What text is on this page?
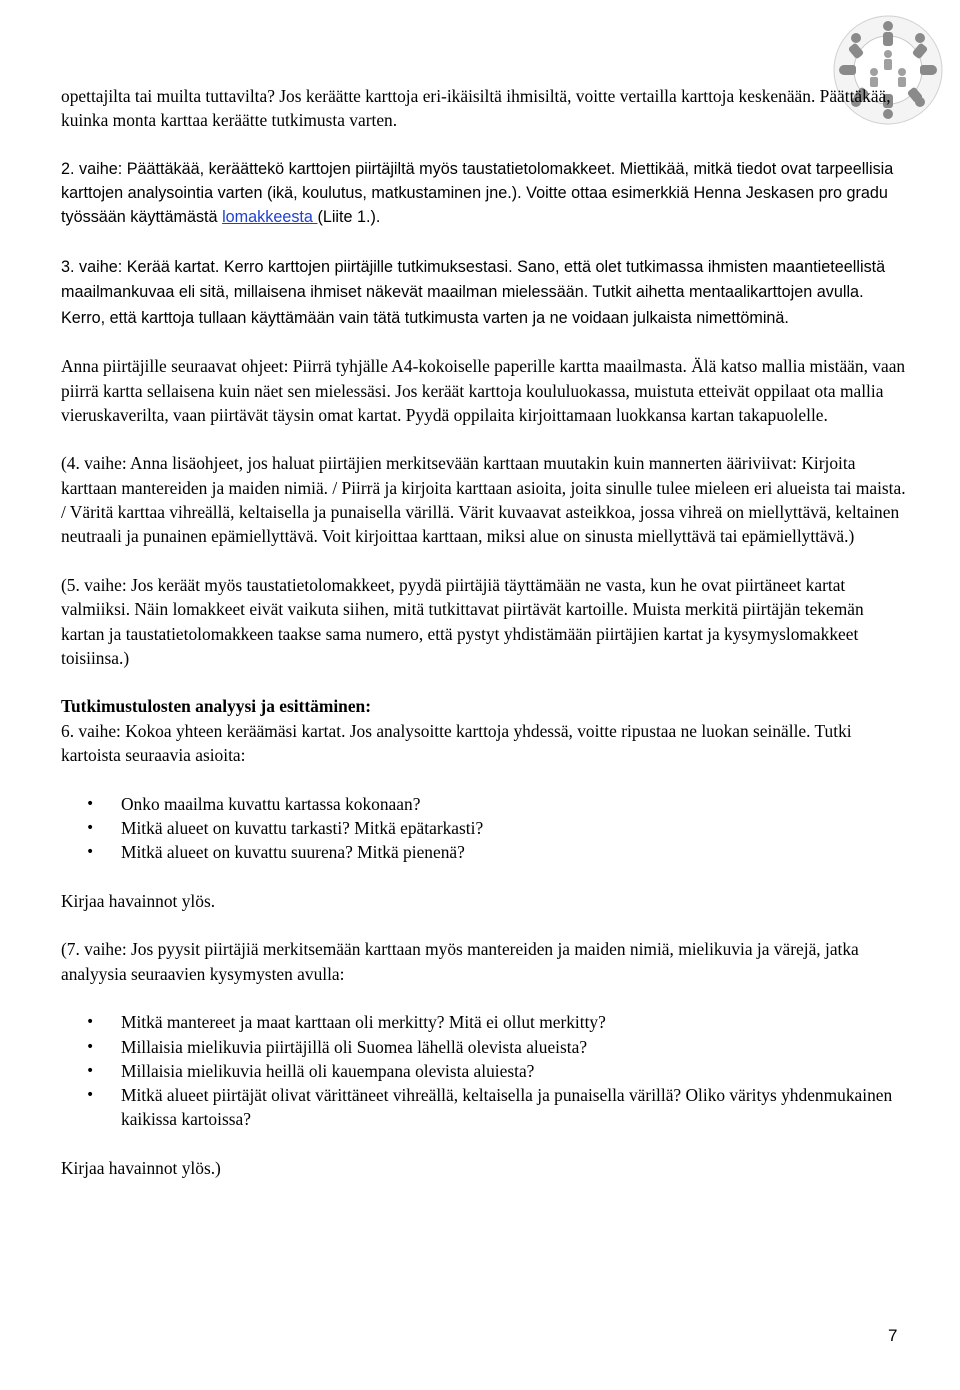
opettajilta tai muilta tuttavilta? Jos keräätte karttoja eri-ikäisiltä ihmisiltä, voitte vertailla karttoja keskenään. Päättäkää, kuinka monta karttaa keräätte tutkimusta varten.

2. vaihe: Päättäkää, keräättekö karttojen piirtäjiltä myös taustatietolomakkeet. Miettikää, mitkä tiedot ovat tarpeellisia karttojen analysointia varten (ikä, koulutus, matkustaminen jne.). Voitte ottaa esimerkkiä Henna Jeskasen pro gradu työssään käyttämästä lomakkeesta (Liite 1.).

3. vaihe: Kerää kartat. Kerro karttojen piirtäjille tutkimuksestasi. Sano, että olet tutkimassa ihmisten maantieteellistä maailmankuvaa eli sitä, millaisena ihmiset näkevät maailman mielessään. Tutkit aihetta mentaalikarttojen avulla. Kerro, että karttoja tullaan käyttämään vain tätä tutkimusta varten ja ne voidaan julkaista nimettöminä.

Anna piirtäjille seuraavat ohjeet: Piirrä tyhjälle A4-kokoiselle paperille kartta maailmasta. Älä katso mallia mistään, vaan piirrä kartta sellaisena kuin näet sen mielessäsi. Jos keräät karttoja koululuokassa, muistuta etteivät oppilaat ota mallia vieruskaverilta, vaan piirtävät täysin omat kartat. Pyydä oppilaita kirjoittamaan luokkansa kartan takapuolelle.

(4. vaihe: Anna lisäohjeet, jos haluat piirtäjien merkitsevään karttaan muutakin kuin mannerten ääriviivat: Kirjoita karttaan mantereiden ja maiden nimiä. / Piirrä ja kirjoita karttaan asioita, joita sinulle tulee mieleen eri alueista tai maista. / Väritä karttaa vihreällä, keltaisella ja punaisella värillä. Värit kuvaavat asteikkoa, jossa vihreä on miellyttävä, keltainen neutraali ja punainen epämiellyttävä. Voit kirjoittaa karttaan, miksi alue on sinusta miellyttävä tai epämiellyttävä.)

(5. vaihe: Jos keräät myös taustatietolomakkeet, pyydä piirtäjiä täyttämään ne vasta, kun he ovat piirtäneet kartat valmiiksi. Näin lomakkeet eivät vaikuta siihen, mitä tutkittavat piirtävät kartoille. Muista merkitä piirtäjän tekemän kartan ja taustatietolomakkeen taakse sama numero, että pystyt yhdistämään piirtäjien kartat ja kysymyslomakkeet toisiinsa.)

Tutkimustulosten analyysi ja esittäminen:

6. vaihe: Kokoa yhteen keräämäsi kartat. Jos analysoitte karttoja yhdessä, voitte ripustaa ne luokan seinälle. Tutki kartoista seuraavia asioita:

• Onko maailma kuvattu kartassa kokonaan?
• Mitkä alueet on kuvattu tarkasti? Mitkä epätarkasti?
• Mitkä alueet on kuvattu suurena? Mitkä pienenä?

Kirjaa havainnot ylös.

(7. vaihe: Jos pyysit piirtäjiä merkitsemään karttaan myös mantereiden ja maiden nimiä, mielikuvia ja värejä, jatka analyysia seuraavien kysymysten avulla:

• Mitkä mantereet ja maat karttaan oli merkitty? Mitä ei ollut merkitty?
• Millaisia mielikuvia piirtäjillä oli Suomea lähellä olevista alueista?
• Millaisia mielikuvia heillä oli kauempana olevista aluiesta?
• Mitkä alueet piirtäjät olivat värittäneet vihreällä, keltaisella ja punaisella värillä? Oliko väritys yhdenmukainen kaikissa kartoissa?

Kirjaa havainnot ylös.)

7
